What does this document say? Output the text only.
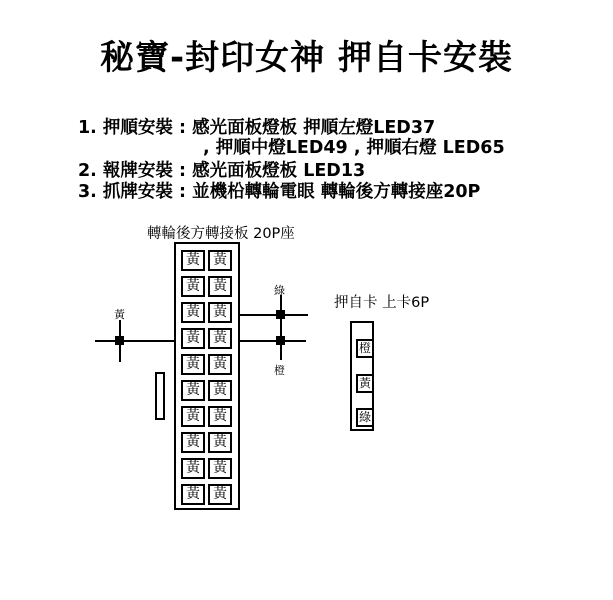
秘寶-封印女神 押自卡安裝
1. 押順安裝 : 感光面板燈板 押順左燈LED37
, 押順中燈LED49 , 押順右燈 LED65
2. 報牌安裝 : 感光面板燈板 LED13
3. 抓牌安裝 : 並機柗轉輪電眼 轉輪後方轉接座20P
轉輪後方轉接板 20P座
黃
綠
橙
黃 黃
黃 黃
黃 黃
黃 黃
黃 黃
黃 黃
黃 黃
黃 黃
黃 黃
黃 黃
押自卡 上卡6P
橙
黃
綠
